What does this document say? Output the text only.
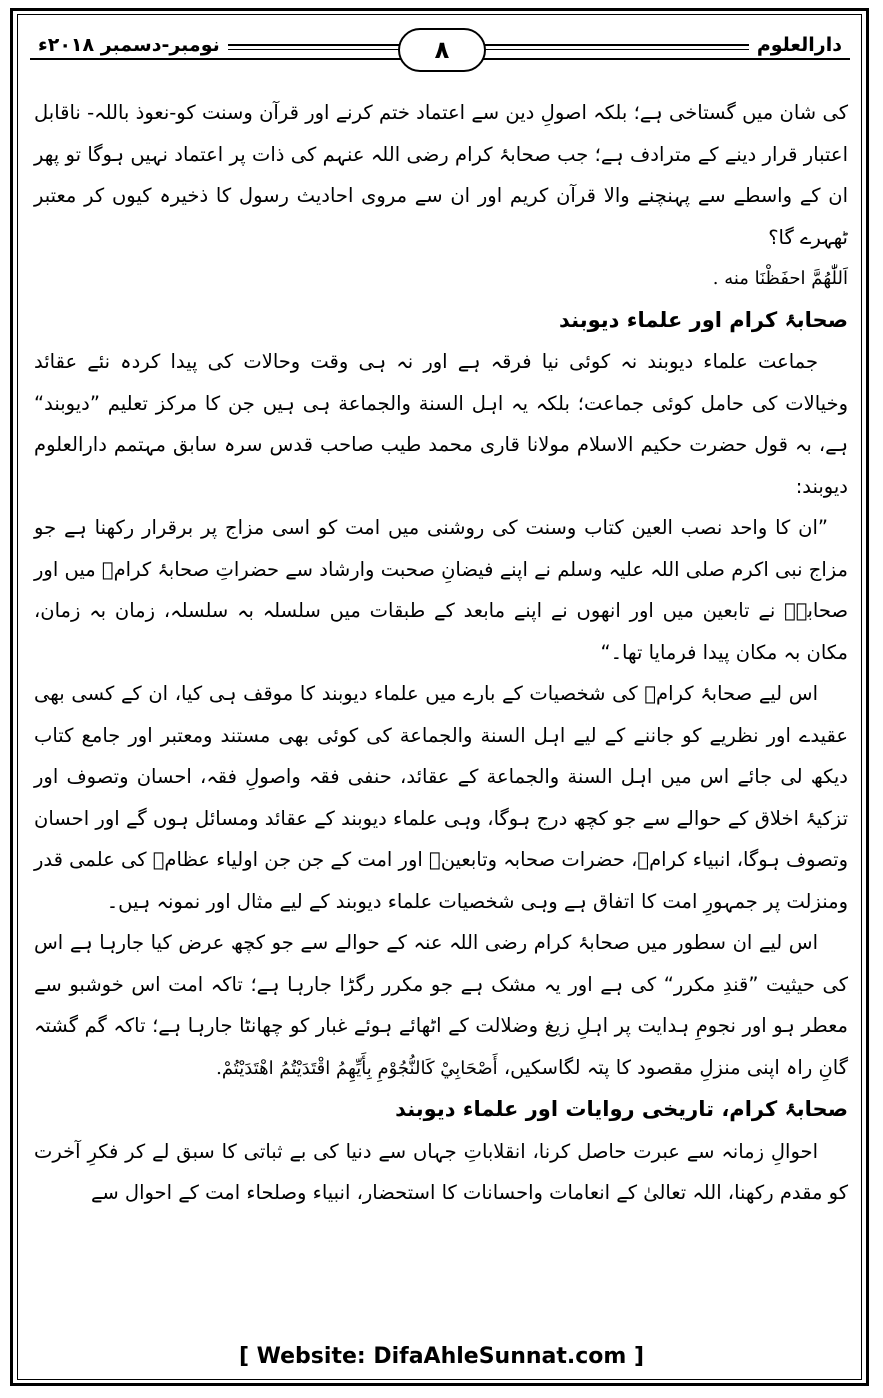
دارالعلوم
نومبر-دسمبر ۲۰۱۸ء	۸

کی شان میں گستاخی ہے؛ بلکہ اصولِ دین سے اعتماد ختم کرنے اور قرآن وسنت کو-نعوذ باللہ- ناقابل اعتبار قرار دینے کے مترادف ہے؛ جب صحابۂ کرام رضی اللہ عنہم کی ذات پر اعتماد نہیں ہوگا تو پھر ان کے واسطے سے پہنچنے والا قرآن کریم اور ان سے مروی احادیث رسول کا ذخیرہ کیوں کر معتبر ٹھہرے گا؟

اَللّٰهُمَّ احفَظْنَا منه .

صحابۂ کرام اور علماء دیوبند

جماعت علماء دیوبند نہ کوئی نیا فرقہ ہے اور نہ ہی وقت وحالات کی پیدا کردہ نئے عقائد وخیالات کی حامل کوئی جماعت؛ بلکہ یہ اہل السنة والجماعة ہی ہیں جن کا مرکز تعلیم ”دیوبند“ ہے، بہ قول حضرت حکیم الاسلام مولانا قاری محمد طیب صاحب قدس سرہ سابق مہتمم دارالعلوم دیوبند:

”ان کا واحد نصب العین کتاب وسنت کی روشنی میں امت کو اسی مزاج پر برقرار رکھنا ہے جو مزاج نبی اکرم صلی اللہ علیہ وسلم نے اپنے فیضانِ صحبت وارشاد سے حضراتِ صحابۂ کرامؓ میں اور صحابہؓ نے تابعین میں اور انھوں نے اپنے مابعد کے طبقات میں سلسلہ بہ سلسلہ، زمان بہ زمان، مکان بہ مکان پیدا فرمایا تھا۔“

اس لیے صحابۂ کرامؓ کی شخصیات کے بارے میں علماء دیوبند کا موقف ہی کیا، ان کے کسی بھی عقیدے اور نظریے کو جاننے کے لیے اہل السنة والجماعة کی کوئی بھی مستند ومعتبر اور جامع کتاب دیکھ لی جائے اس میں اہل السنة والجماعة کے عقائد، حنفی فقہ واصولِ فقہ، احسان وتصوف اور تزکیۂ اخلاق کے حوالے سے جو کچھ درج ہوگا، وہی علماء دیوبند کے عقائد ومسائل ہوں گے اور احسان وتصوف ہوگا، انبیاء کرامؑ، حضرات صحابہ وتابعینؒ اور امت کے جن جن اولیاء عظامؒ کی علمی قدر ومنزلت پر جمہورِ امت کا اتفاق ہے وہی شخصیات علماء دیوبند کے لیے مثال اور نمونہ ہیں۔

اس لیے ان سطور میں صحابۂ کرام رضی اللہ عنہ کے حوالے سے جو کچھ عرض کیا جارہا ہے اس کی حیثیت ”قندِ مکرر“ کی ہے اور یہ مشک ہے جو مکرر رگڑا جارہا ہے؛ تاکہ امت اس خوشبو سے معطر ہو اور نجومِ ہدایت پر اہلِ زیغ وضلالت کے اٹھائے ہوئے غبار کو چھانٹا جارہا ہے؛ تاکہ گم گشتہ گانِ راہ اپنی منزلِ مقصود کا پتہ لگاسکیں، أَصْحَابِيْ كَالنُّجُوْمِ بِأَيِّهِمُ اقْتَدَيْتُمُ اهْتَدَيْتُمْ.

صحابۂ کرام، تاریخی روایات اور علماء دیوبند

احوالِ زمانہ سے عبرت حاصل کرنا، انقلاباتِ جہاں سے دنیا کی بے ثباتی کا سبق لے کر فکرِ آخرت کو مقدم رکھنا، اللہ تعالیٰ کے انعامات واحسانات کا استحضار، انبیاء وصلحاء امت کے احوال سے

[ Website: DifaAhleSunnat.com ]
